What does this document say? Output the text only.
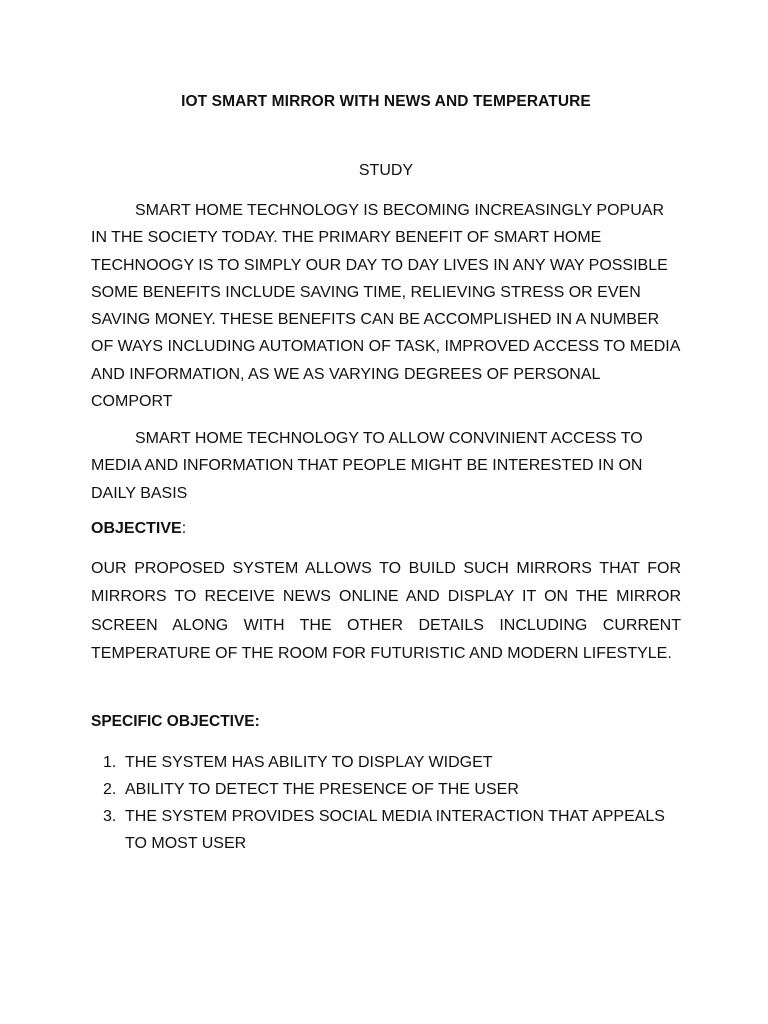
IOT SMART MIRROR WITH NEWS AND TEMPERATURE

STUDY

SMART HOME TECHNOLOGY IS BECOMING INCREASINGLY POPUAR IN THE SOCIETY TODAY. THE PRIMARY BENEFIT OF SMART HOME TECHNOOGY IS TO SIMPLY OUR DAY TO DAY LIVES IN ANY WAY POSSIBLE SOME BENEFITS INCLUDE SAVING TIME, RELIEVING STRESS OR EVEN SAVING MONEY. THESE BENEFITS CAN BE ACCOMPLISHED IN A NUMBER OF WAYS INCLUDING AUTOMATION OF TASK, IMPROVED ACCESS TO MEDIA AND INFORMATION, AS WE AS VARYING DEGREES OF PERSONAL COMPORT

SMART HOME TECHNOLOGY TO ALLOW CONVINIENT ACCESS TO MEDIA AND INFORMATION THAT PEOPLE MIGHT BE INTERESTED IN ON DAILY BASIS

OBJECTIVE:

OUR PROPOSED SYSTEM ALLOWS TO BUILD SUCH MIRRORS THAT FOR MIRRORS TO RECEIVE NEWS ONLINE AND DISPLAY IT ON THE MIRROR SCREEN ALONG WITH THE OTHER DETAILS INCLUDING CURRENT TEMPERATURE OF THE ROOM FOR FUTURISTIC AND MODERN LIFESTYLE.

SPECIFIC OBJECTIVE:

1. THE SYSTEM HAS ABILITY TO DISPLAY WIDGET
2. ABILITY TO DETECT THE PRESENCE OF THE USER
3. THE SYSTEM PROVIDES SOCIAL MEDIA INTERACTION THAT APPEALS TO MOST USER
